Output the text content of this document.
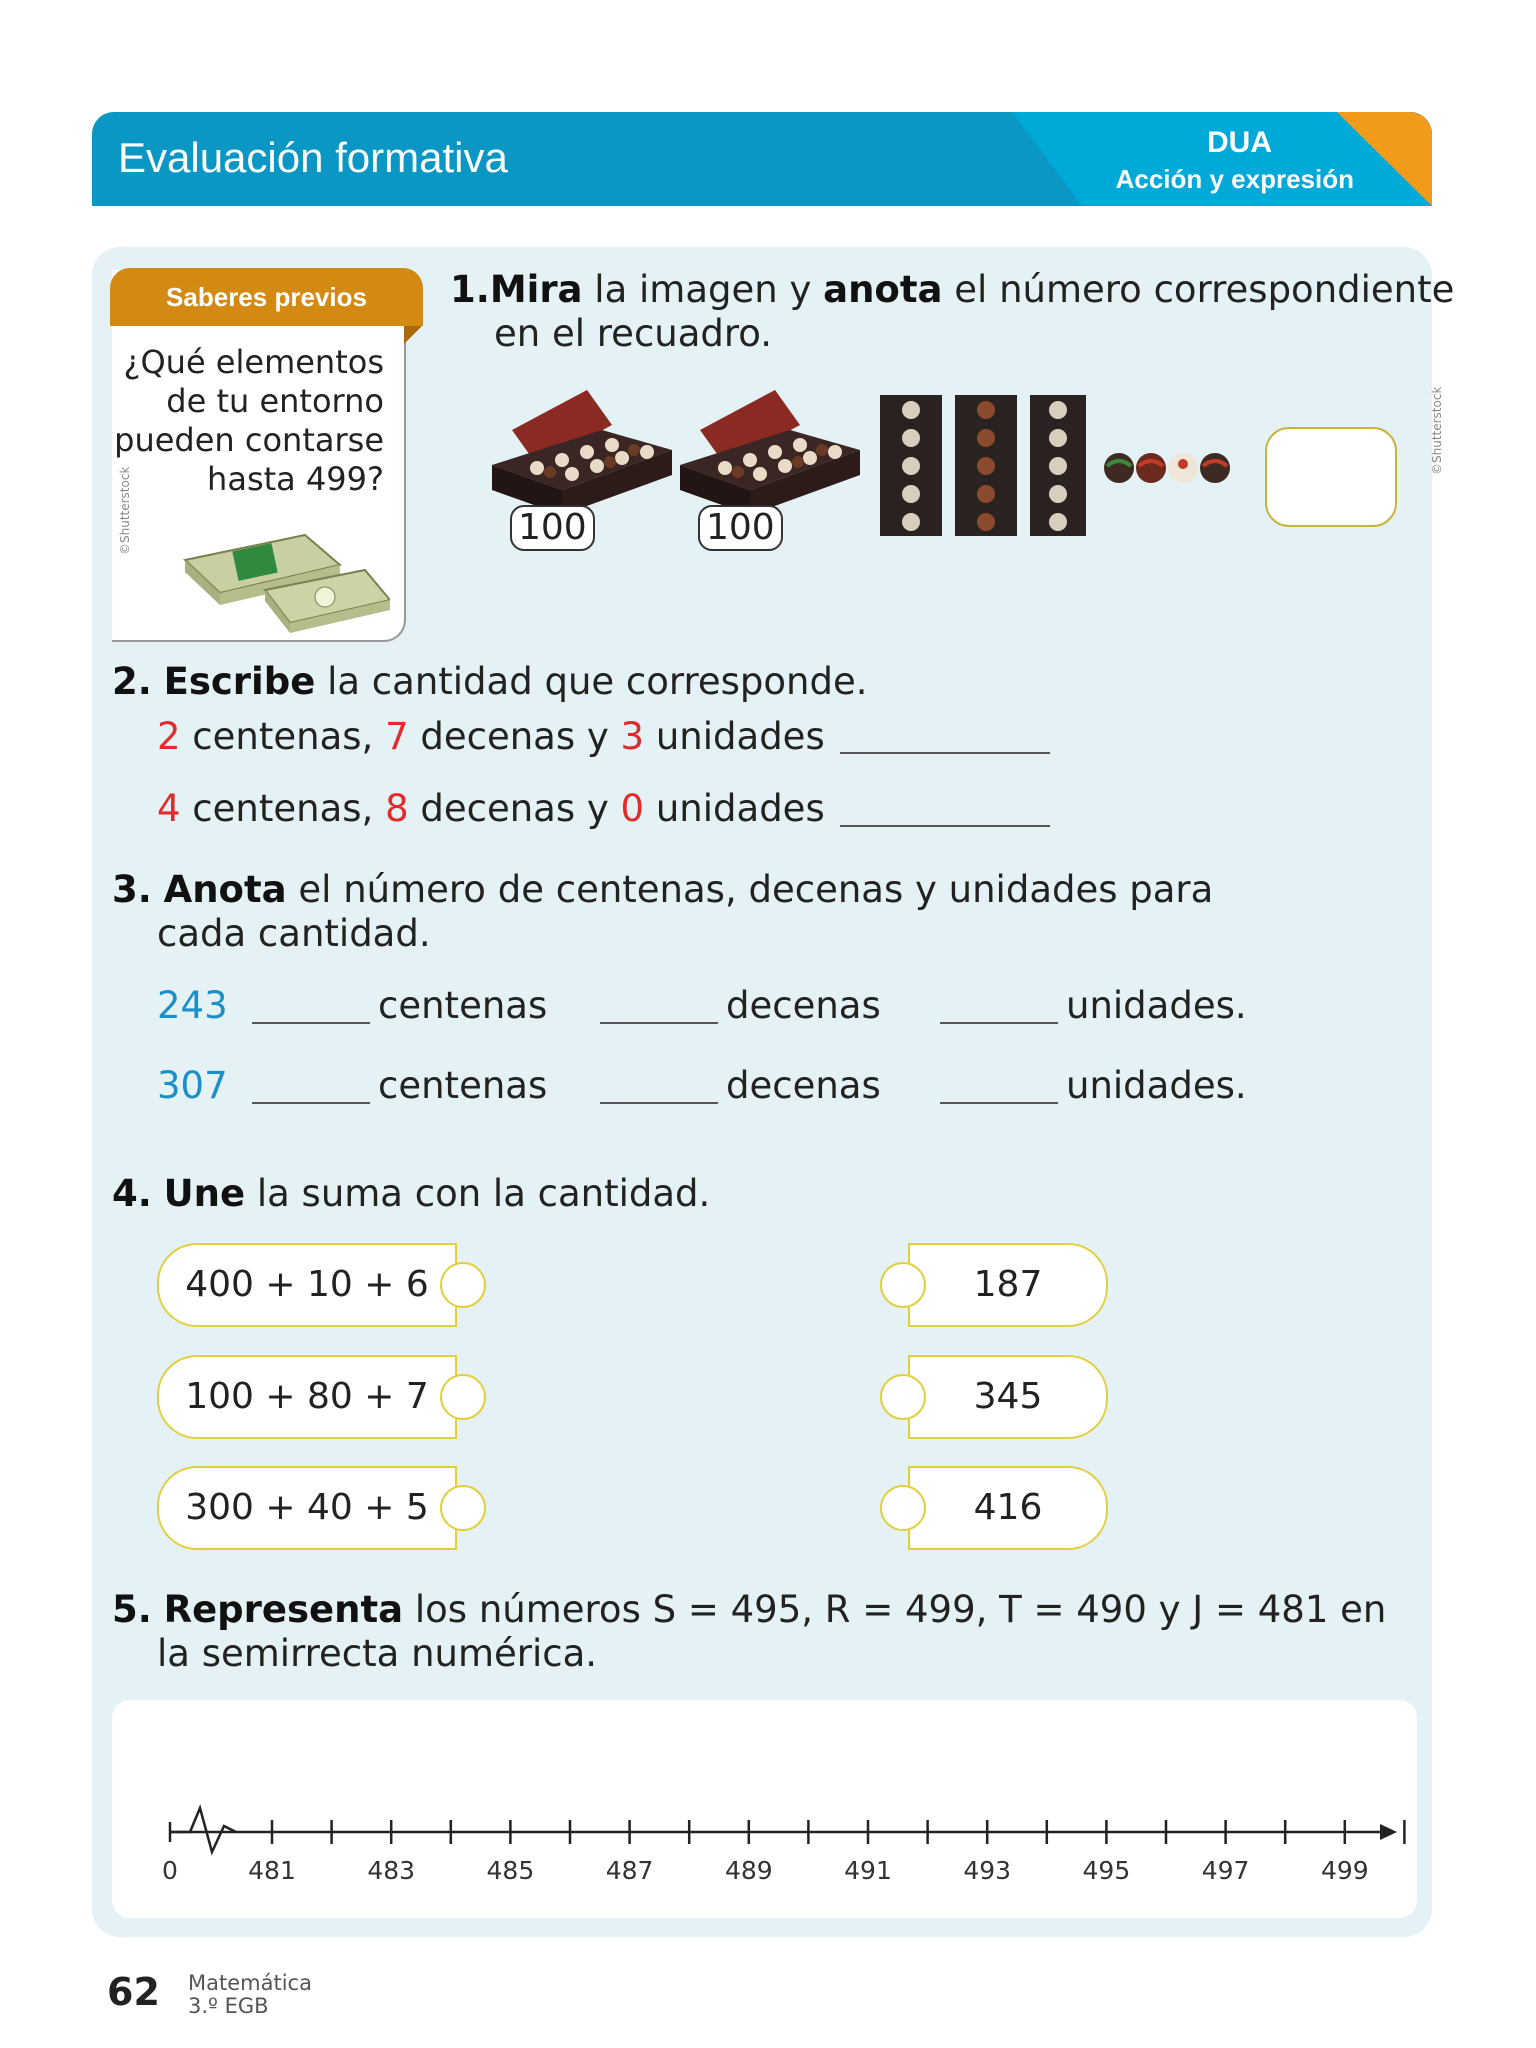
Evaluación formativa	DUA
Acción y expresión
Saberes previos
¿Qué elementos
de tu entorno
pueden contarse
hasta 499?
©Shutterstock
1.Mira la imagen y anota el número correspondiente
en el recuadro.
100	100
©Shutterstock
2. Escribe la cantidad que corresponde.
2 centenas, 7 decenas y 3 unidades
4 centenas, 8 decenas y 0 unidades
3. Anota el número de centenas, decenas y unidades para
cada cantidad.
243	centenas	decenas	unidades.
307	centenas	decenas	unidades.
4. Une la suma con la cantidad.
400 + 10 + 6
100 + 80 + 7
300 + 40 + 5
187
345
416
5. Representa los números S = 495, R = 499, T = 490 y J = 481 en
la semirrecta numérica.
0	481	483	485	487	489	491	493	495	497	499
62 Matemática
3.º EGB
